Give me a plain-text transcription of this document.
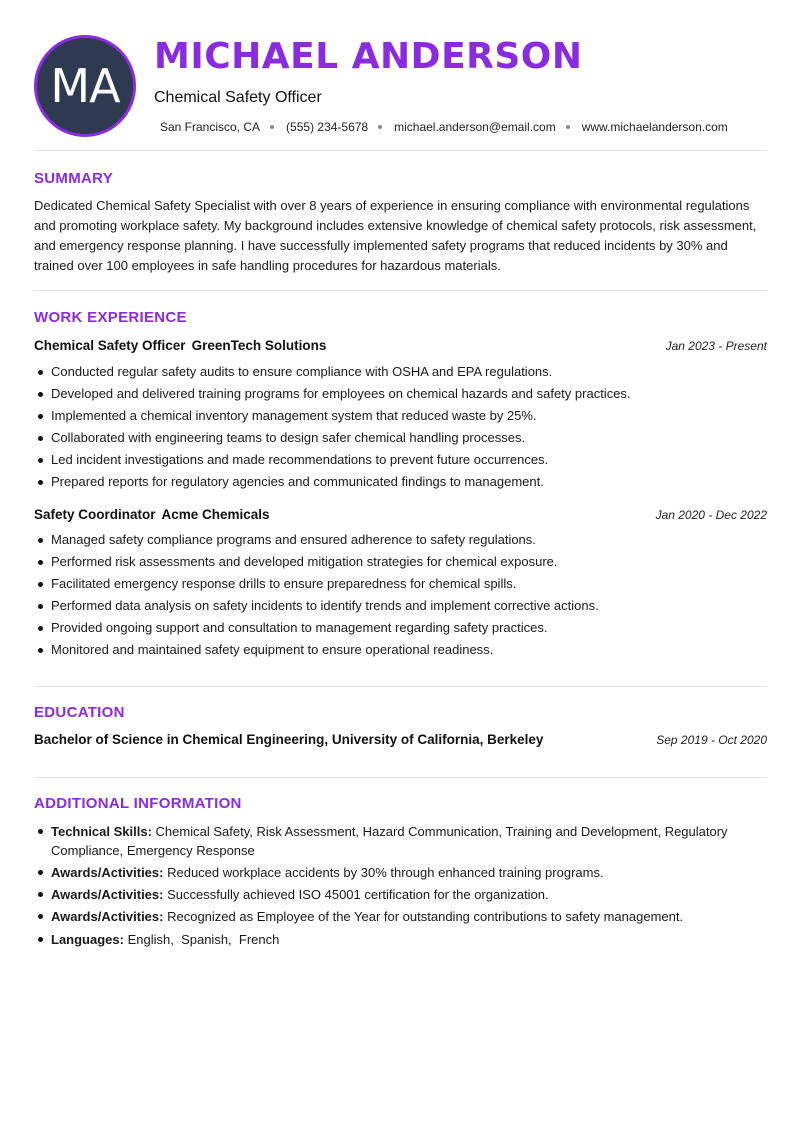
MA
MICHAEL ANDERSON
Chemical Safety Officer
San Francisco, CA (555) 234-5678 michael.anderson@email.com www.michaelanderson.com
SUMMARY
Dedicated Chemical Safety Specialist with over 8 years of experience in ensuring compliance with environmental regulations and promoting workplace safety. My background includes extensive knowledge of chemical safety protocols, risk assessment, and emergency response planning. I have successfully implemented safety programs that reduced incidents by 30% and trained over 100 employees in safe handling procedures for hazardous materials.
WORK EXPERIENCE
Chemical Safety Officer GreenTech Solutions	Jan 2023 - Present
Conducted regular safety audits to ensure compliance with OSHA and EPA regulations.
Developed and delivered training programs for employees on chemical hazards and safety practices.
Implemented a chemical inventory management system that reduced waste by 25%.
Collaborated with engineering teams to design safer chemical handling processes.
Led incident investigations and made recommendations to prevent future occurrences.
Prepared reports for regulatory agencies and communicated findings to management.
Safety Coordinator Acme Chemicals	Jan 2020 - Dec 2022
Managed safety compliance programs and ensured adherence to safety regulations.
Performed risk assessments and developed mitigation strategies for chemical exposure.
Facilitated emergency response drills to ensure preparedness for chemical spills.
Performed data analysis on safety incidents to identify trends and implement corrective actions.
Provided ongoing support and consultation to management regarding safety practices.
Monitored and maintained safety equipment to ensure operational readiness.
EDUCATION
Bachelor of Science in Chemical Engineering, University of California, Berkeley	Sep 2019 - Oct 2020
ADDITIONAL INFORMATION
Technical Skills: Chemical Safety, Risk Assessment, Hazard Communication, Training and Development, Regulatory Compliance, Emergency Response
Awards/Activities: Reduced workplace accidents by 30% through enhanced training programs.
Awards/Activities: Successfully achieved ISO 45001 certification for the organization.
Awards/Activities: Recognized as Employee of the Year for outstanding contributions to safety management.
Languages: English,  Spanish,  French
